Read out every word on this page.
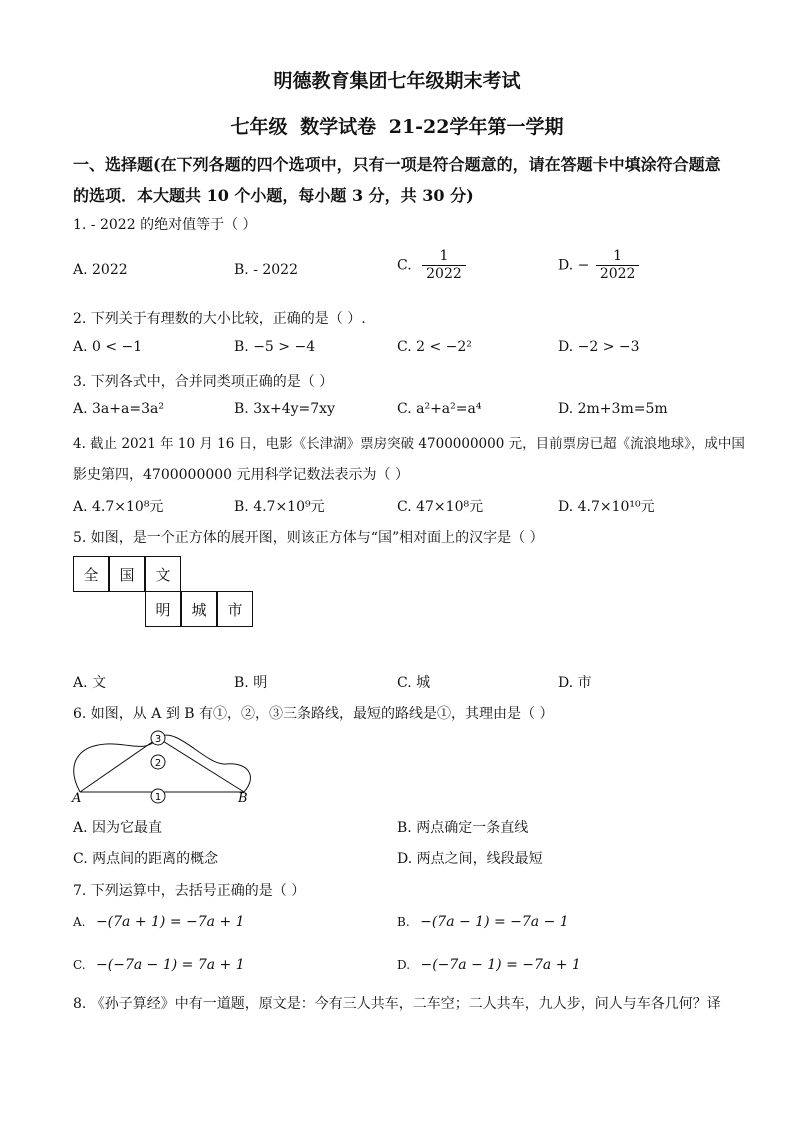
明德教育集团七年级期末考试
七年级 数学试卷 21-22学年第一学期
一、选择题(在下列各题的四个选项中，只有一项是符合题意的，请在答题卡中填涂符合题意
的选项．本大题共 10 个小题，每小题 3 分，共 30 分)
1. - 2022 的绝对值等于（ ）
A. 2022	B. - 2022	C. $\frac{1}{2022}$	D. − $\frac{1}{2022}$
2. 下列关于有理数的大小比较，正确的是（ ）.
A. 0 < −1	B. −5 > −4	C. 2 < −2²	D. −2 > −3
3. 下列各式中，合并同类项正确的是（ ）
A. 3a+a=3a²	B. 3x+4y=7xy	C. a²+a²=a⁴	D. 2m+3m=5m
4. 截止 2021 年 10 月 16 日，电影《长津湖》票房突破 4700000000 元，目前票房已超《流浪地球》，成中国
影史第四，4700000000 元用科学记数法表示为（ ）
A. 4.7×10⁸元	B. 4.7×10⁹元	C. 47×10⁸元	D. 4.7×10¹⁰元
5. 如图，是一个正方体的展开图，则该正方体与“国”相对面上的汉字是（ ）
全	国	文
明	城	市
A. 文	B. 明	C. 城	D. 市
6. 如图，从 A 到 B 有①，②，③三条路线，最短的路线是①，其理由是（ ）
1
2
3
A	B
A. 因为它最直	B. 两点确定一条直线
C. 两点间的距离的概念	D. 两点之间，线段最短
7. 下列运算中，去括号正确的是（ ）
A. −(7a + 1) = −7a + 1	B. −(7a − 1) = −7a − 1
C. −(−7a − 1) = 7a + 1	D. −(−7a − 1) = −7a + 1
8. 《孙子算经》中有一道题，原文是：今有三人共车，二车空；二人共车，九人步，问人与车各几何？译
